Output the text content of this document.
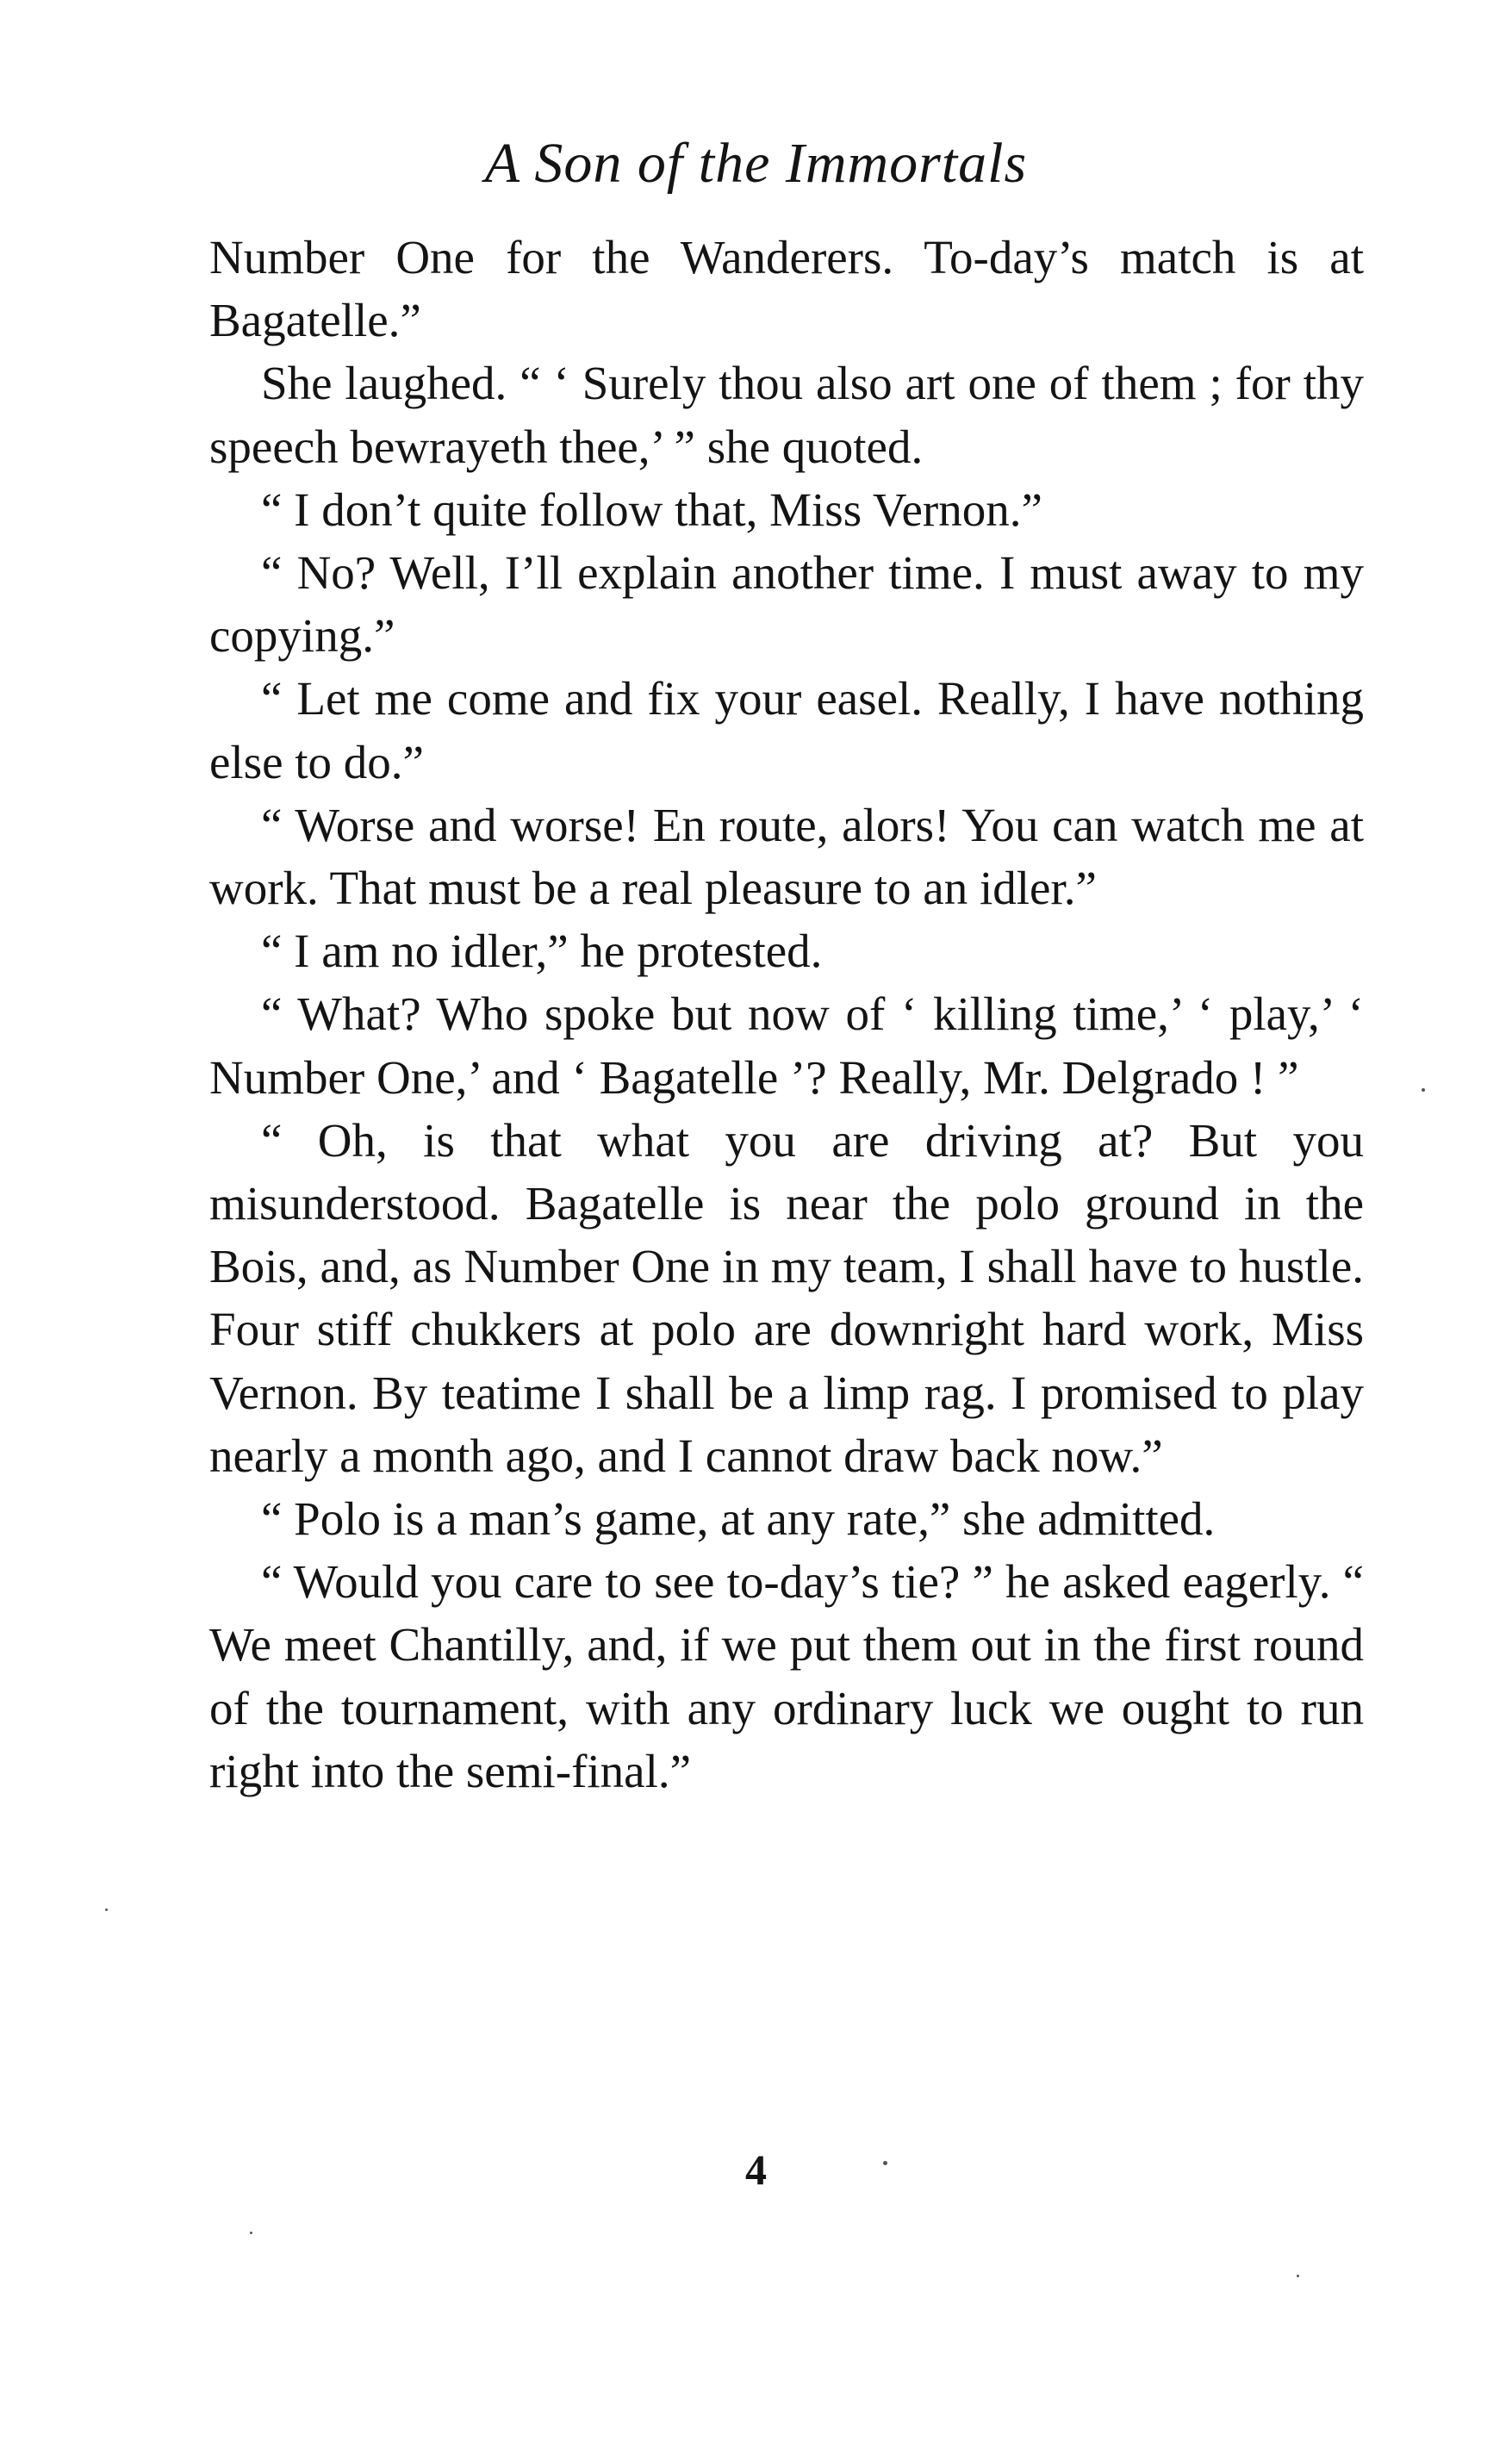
A Son of the Immortals

Number One for the Wanderers. To-day’s match is at Bagatelle.”

She laughed. “ ‘ Surely thou also art one of them ; for thy speech bewrayeth thee,’ ” she quoted.

“ I don’t quite follow that, Miss Vernon.”

“ No? Well, I’ll explain another time. I must away to my copying.”

“ Let me come and fix your easel. Really, I have nothing else to do.”

“ Worse and worse! En route, alors! You can watch me at work. That must be a real pleasure to an idler.”

“ I am no idler,” he protested.

“ What? Who spoke but now of ‘ killing time,’ ‘ play,’ ‘ Number One,’ and ‘ Bagatelle ’? Really, Mr. Delgrado ! ”

“ Oh, is that what you are driving at? But you misunderstood. Bagatelle is near the polo ground in the Bois, and, as Number One in my team, I shall have to hustle. Four stiff chukkers at polo are downright hard work, Miss Vernon. By teatime I shall be a limp rag. I promised to play nearly a month ago, and I cannot draw back now.”

“ Polo is a man’s game, at any rate,” she admitted.

“ Would you care to see to-day’s tie? ” he asked eagerly. “ We meet Chantilly, and, if we put them out in the first round of the tournament, with any ordinary luck we ought to run right into the semi-final.”

4
